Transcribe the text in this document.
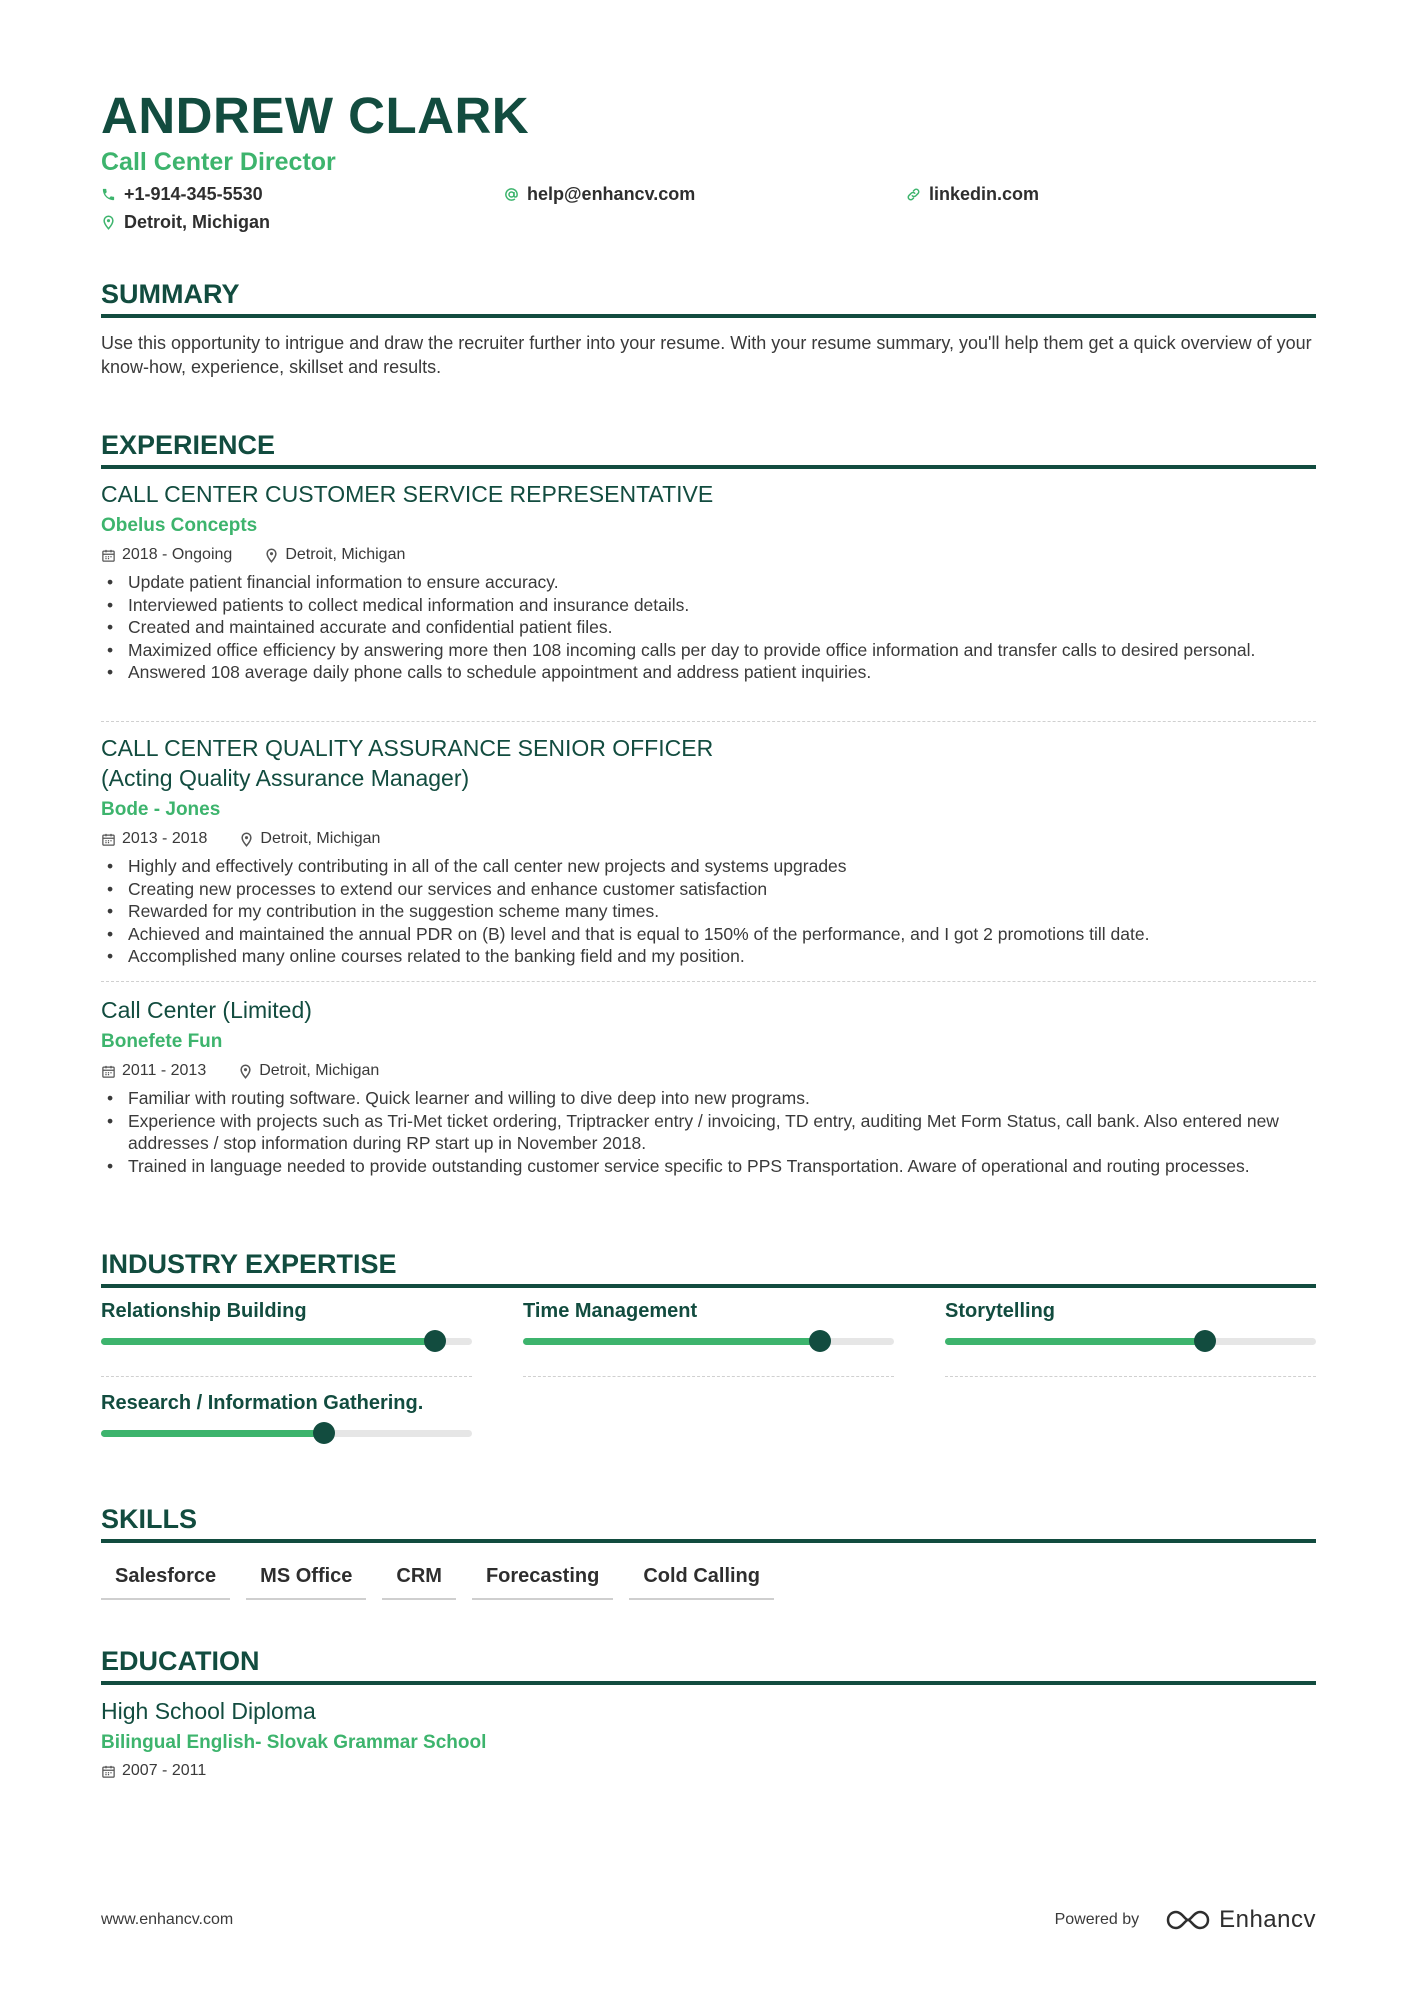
ANDREW CLARK
Call Center Director
+1-914-345-5530	help@enhancv.com	linkedin.com
Detroit, Michigan
SUMMARY
Use this opportunity to intrigue and draw the recruiter further into your resume. With your resume summary, you'll help them get a quick overview of your know-how, experience, skillset and results.
EXPERIENCE
CALL CENTER CUSTOMER SERVICE REPRESENTATIVE
Obelus Concepts
2018 - Ongoing	Detroit, Michigan
• Update patient financial information to ensure accuracy.
• Interviewed patients to collect medical information and insurance details.
• Created and maintained accurate and confidential patient files.
• Maximized office efficiency by answering more then 108 incoming calls per day to provide office information and transfer calls to desired personal.
• Answered 108 average daily phone calls to schedule appointment and address patient inquiries.
CALL CENTER QUALITY ASSURANCE SENIOR OFFICER
(Acting Quality Assurance Manager)
Bode - Jones
2013 - 2018	Detroit, Michigan
• Highly and effectively contributing in all of the call center new projects and systems upgrades
• Creating new processes to extend our services and enhance customer satisfaction
• Rewarded for my contribution in the suggestion scheme many times.
• Achieved and maintained the annual PDR on (B) level and that is equal to 150% of the performance, and I got 2 promotions till date.
• Accomplished many online courses related to the banking field and my position.
Call Center (Limited)
Bonefete Fun
2011 - 2013	Detroit, Michigan
• Familiar with routing software. Quick learner and willing to dive deep into new programs.
• Experience with projects such as Tri-Met ticket ordering, Triptracker entry / invoicing, TD entry, auditing Met Form Status, call bank. Also entered new addresses / stop information during RP start up in November 2018.
• Trained in language needed to provide outstanding customer service specific to PPS Transportation. Aware of operational and routing processes.
INDUSTRY EXPERTISE
Relationship Building	Time Management	Storytelling
Research / Information Gathering.
SKILLS
Salesforce	MS Office	CRM	Forecasting	Cold Calling
EDUCATION
High School Diploma
Bilingual English- Slovak Grammar School
2007 - 2011
www.enhancv.com	Powered by	Enhancv
